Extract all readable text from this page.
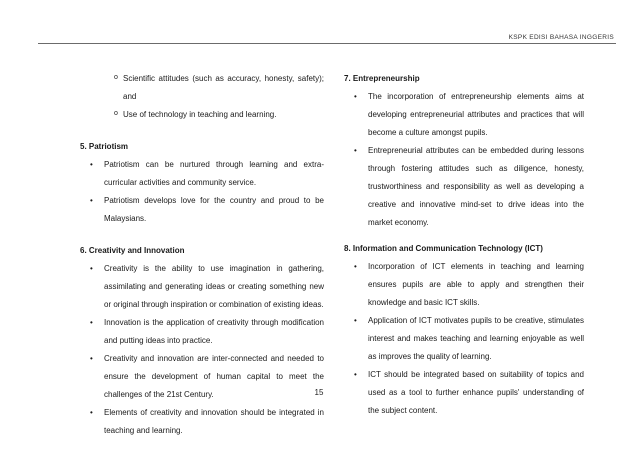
KSPK EDISI BAHASA INGGERIS
o Scientific attitudes (such as accuracy, honesty, safety); and
o Use of technology in teaching and learning.

5. Patriotism

• Patriotism can be nurtured through learning and extra-curricular activities and community service.
• Patriotism develops love for the country and proud to be Malaysians.

6. Creativity and Innovation

• Creativity is the ability to use imagination in gathering, assimilating and generating ideas or creating something new or original through inspiration or combination of existing ideas.
• Innovation is the application of creativity through modification and putting ideas into practice.
• Creativity and innovation are inter-connected and needed to ensure the development of human capital to meet the challenges of the 21st Century.
• Elements of creativity and innovation should be integrated in teaching and learning.

7. Entrepreneurship

• The incorporation of entrepreneurship elements aims at developing entrepreneurial attributes and practices that will become a culture amongst pupils.
• Entrepreneurial attributes can be embedded during lessons through fostering attitudes such as diligence, honesty, trustworthiness and responsibility as well as developing a creative and innovative mind-set to drive ideas into the market economy.

8. Information and Communication Technology (ICT)

• Incorporation of ICT elements in teaching and learning ensures pupils are able to apply and strengthen their knowledge and basic ICT skills.
• Application of ICT motivates pupils to be creative, stimulates interest and makes teaching and learning enjoyable as well as improves the quality of learning.
• ICT should be integrated based on suitability of topics and used as a tool to further enhance pupils' understanding of the subject content.
15
